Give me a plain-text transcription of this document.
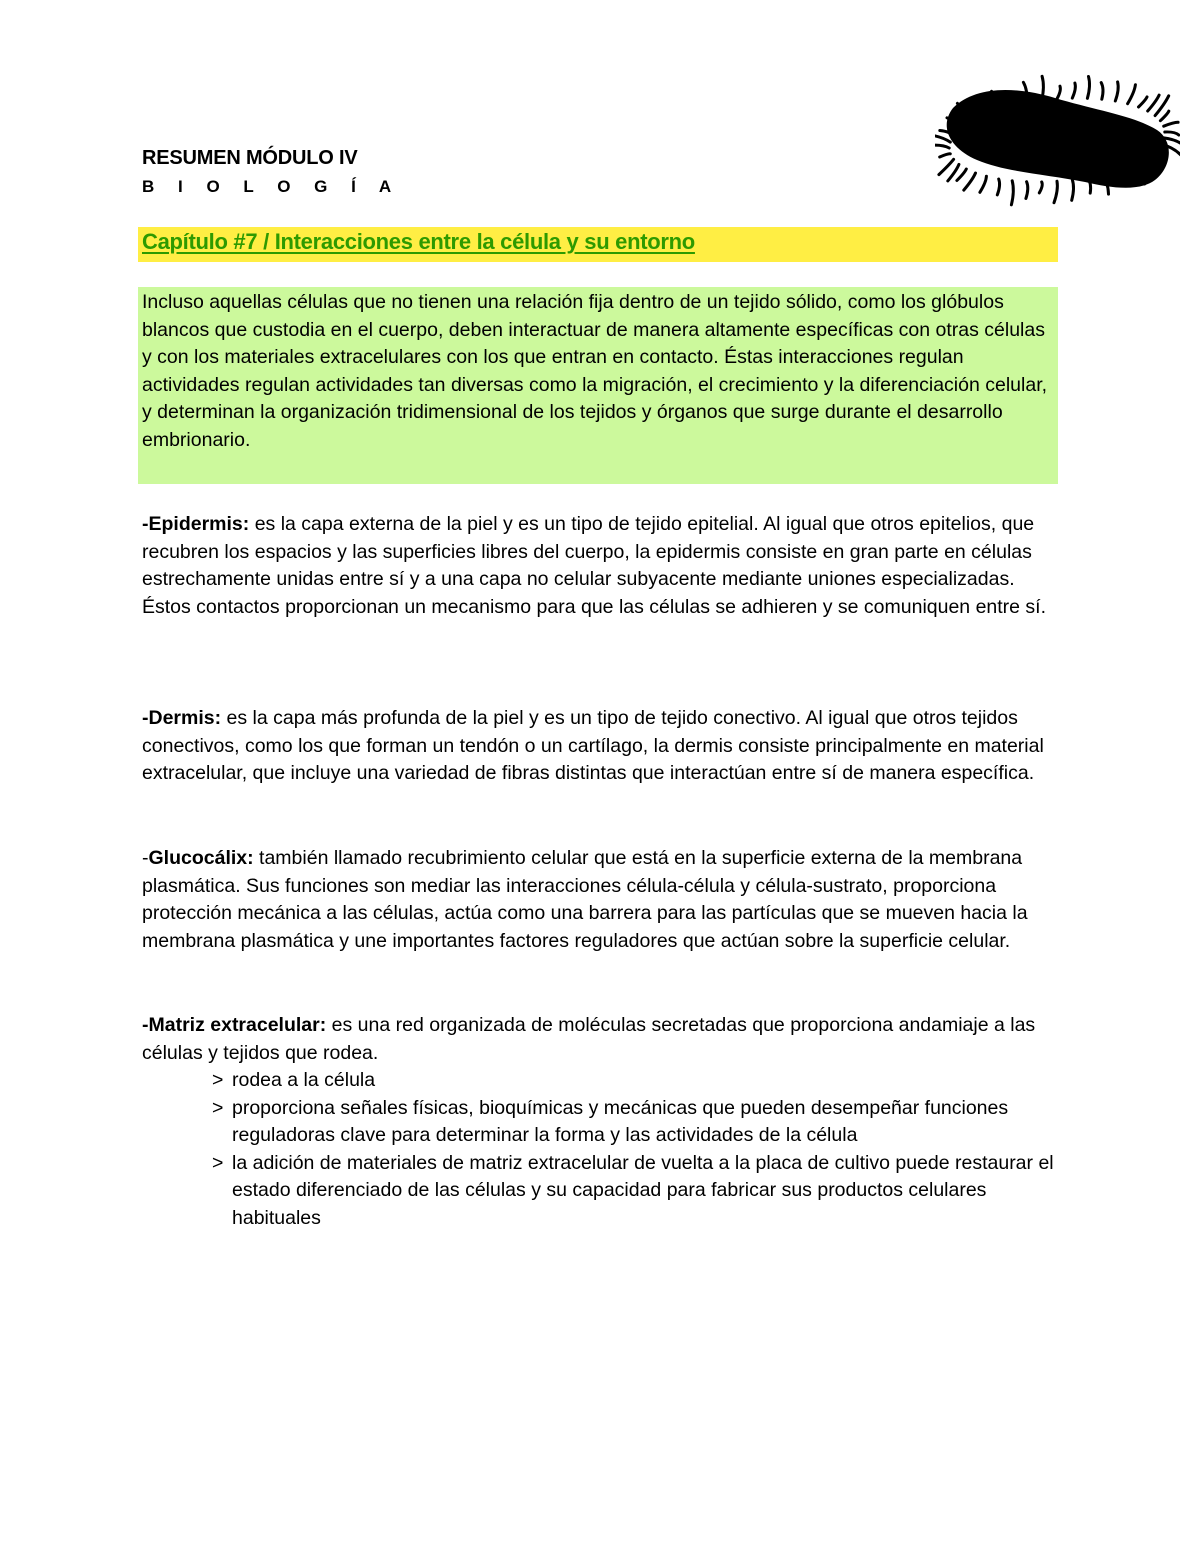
RESUMEN MÓDULO IV
B I O L O G Í A
Capítulo #7 / Interacciones entre la célula y su entorno

Incluso aquellas células que no tienen una relación fija dentro de un tejido sólido, como los glóbulos blancos que custodia en el cuerpo, deben interactuar de manera altamente específicas con otras células y con los materiales extracelulares con los que entran en contacto. Éstas interacciones regulan actividades regulan actividades tan diversas como la migración, el crecimiento y la diferenciación celular, y determinan la organización tridimensional de los tejidos y órganos que surge durante el desarrollo embrionario.

-Epidermis: es la capa externa de la piel y es un tipo de tejido epitelial. Al igual que otros epitelios, que recubren los espacios y las superficies libres del cuerpo, la epidermis consiste en gran parte en células estrechamente unidas entre sí y a una capa no celular subyacente mediante uniones especializadas. Éstos contactos proporcionan un mecanismo para que las células se adhieren y se comuniquen entre sí.

-Dermis: es la capa más profunda de la piel y es un tipo de tejido conectivo. Al igual que otros tejidos conectivos, como los que forman un tendón o un cartílago, la dermis consiste principalmente en material extracelular, que incluye una variedad de fibras distintas que interactúan entre sí de manera específica.

-Glucocálix: también llamado recubrimiento celular que está en la superficie externa de la membrana plasmática. Sus funciones son mediar las interacciones célula-célula y célula-sustrato, proporciona protección mecánica a las células, actúa como una barrera para las partículas que se mueven hacia la membrana plasmática y une importantes factores reguladores que actúan sobre la superficie celular.

-Matriz extracelular: es una red organizada de moléculas secretadas que proporciona andamiaje a las células y tejidos que rodea.

> rodea a la célula
> proporciona señales físicas, bioquímicas y mecánicas que pueden desempeñar funciones reguladoras clave para determinar la forma y las actividades de la célula
> la adición de materiales de matriz extracelular de vuelta a la placa de cultivo puede restaurar el estado diferenciado de las células y su capacidad para fabricar sus productos celulares habituales
